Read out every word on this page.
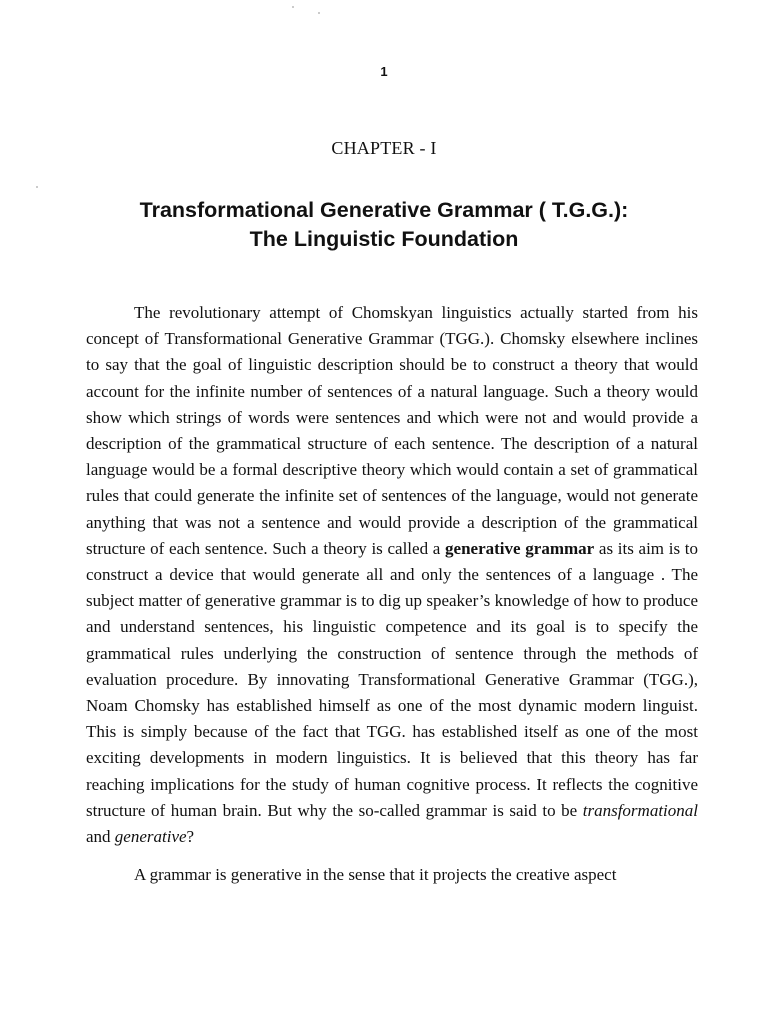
1
CHAPTER - I
Transformational Generative Grammar ( T.G.G.):
The Linguistic Foundation

The revolutionary attempt of Chomskyan linguistics actually started from his concept of Transformational Generative Grammar (TGG.). Chomsky elsewhere inclines to say that the goal of linguistic description should be to construct a theory that would account for the infinite number of sentences of a natural language. Such a theory would show which strings of words were sentences and which were not and would provide a description of the grammatical structure of each sentence. The description of a natural language would be a formal descriptive theory which would contain a set of grammatical rules that could generate the infinite set of sentences of the language, would not generate anything that was not a sentence and would provide a description of the grammatical structure of each sentence. Such a theory is called a generative grammar as its aim is to construct a device that would generate all and only the sentences of a language . The subject matter of generative grammar is to dig up speaker’s knowledge of how to produce and understand sentences, his linguistic competence and its goal is to specify the grammatical rules underlying the construction of sentence through the methods of evaluation procedure. By innovating Transformational Generative Grammar (TGG.), Noam Chomsky has established himself as one of the most dynamic modern linguist. This is simply because of the fact that TGG. has established itself as one of the most exciting developments in modern linguistics. It is believed that this theory has far reaching implications for the study of human cognitive process. It reflects the cognitive structure of human brain. But why the so-called grammar is said to be transformational and generative?

A grammar is generative in the sense that it projects the creative aspect
